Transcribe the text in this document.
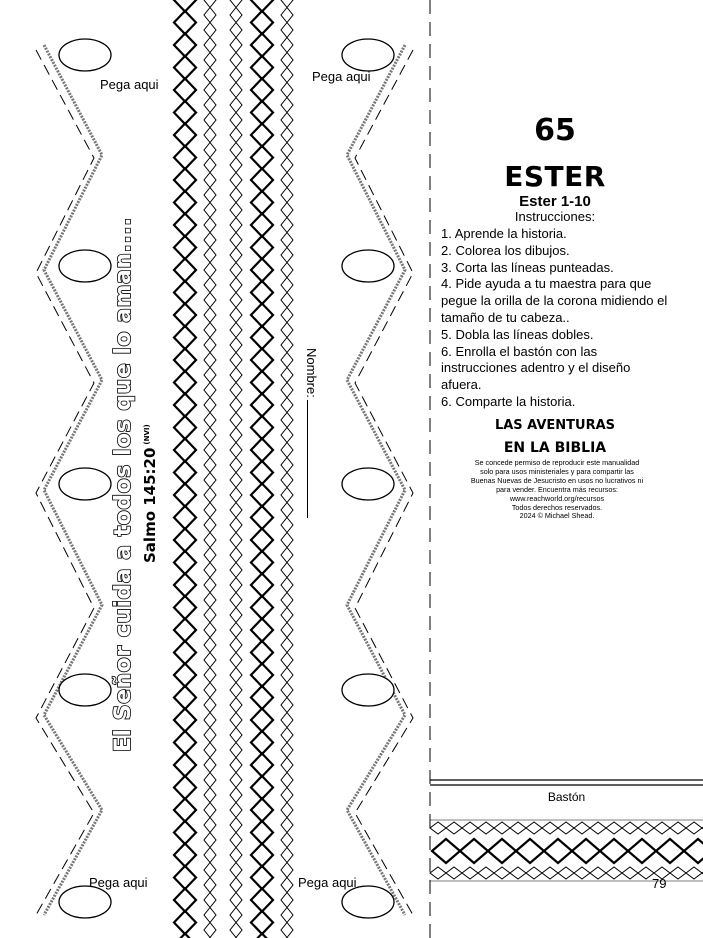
Pega aqui
Pega aqui
Pega aqui	Pega aqui
El Señor cuida a todos los que lo aman.... Salmo $145:20^{(NVI)}$
Nombre:
65
ESTER
Ester 1-10
Instrucciones:
1. Aprende la historia.
2. Colorea los dibujos.
3. Corta las líneas punteadas.
4. Pide ayuda a tu maestra para que pegue la orilla de la corona midiendo el tamaño de tu cabeza..
5. Dobla las líneas dobles.
6. Enrolla el bastón con las instrucciones adentro y el diseño afuera.
6. Comparte la historia.
LAS AVENTURAS
EN LA BIBLIA
Se concede permiso de reproducir este manualidad
solo para usos ministeriales y para compartir las
Buenas Nuevas de Jesucristo en usos no lucrativos ni
para vender. Encuentra más recursos:
www.reachworld.org/recursos
Todos derechos reservados.
2024 © Michael Shead.
Bastón
79
